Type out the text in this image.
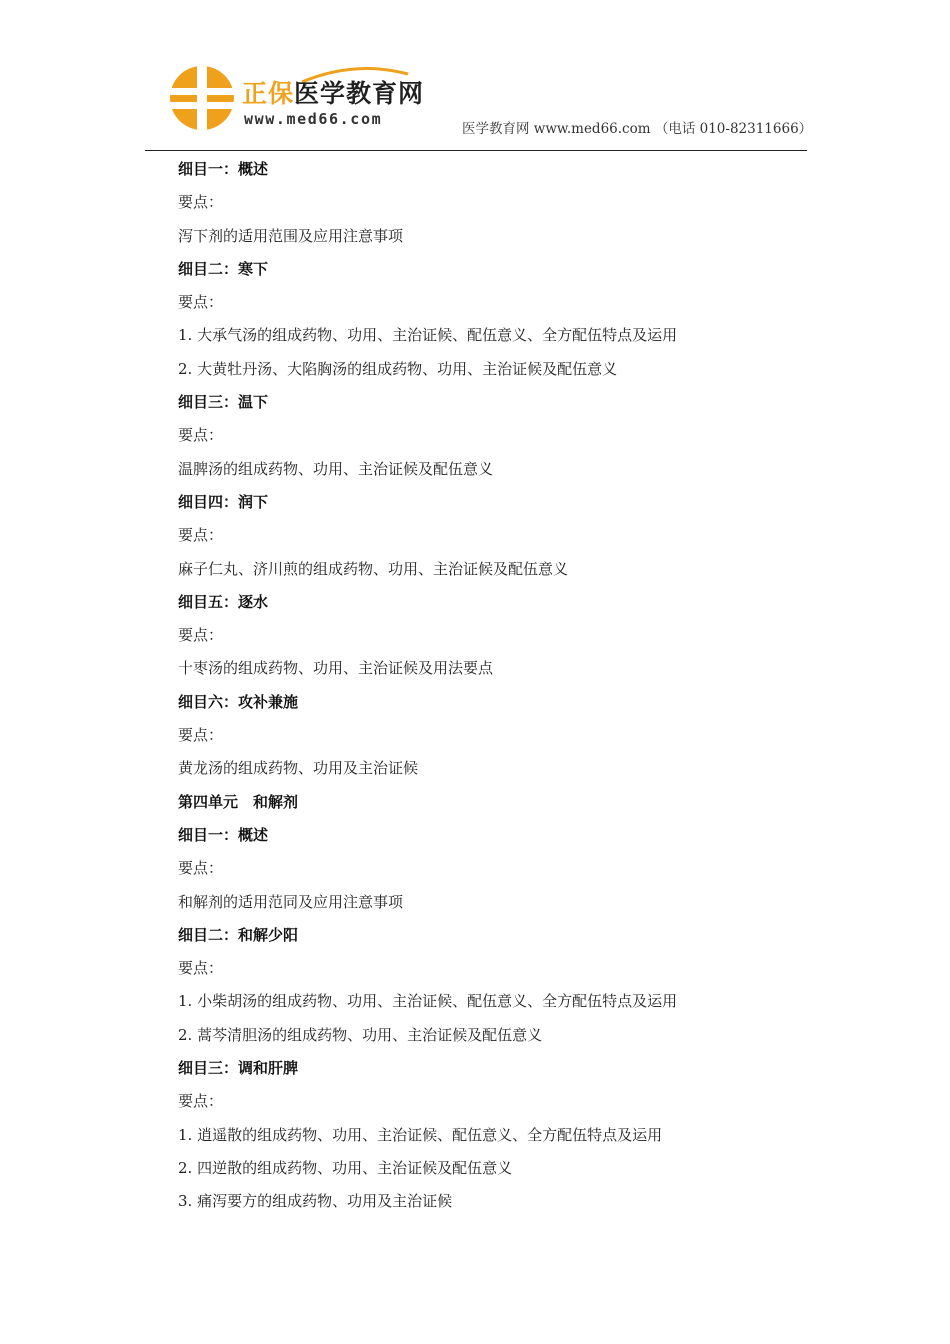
正保医学教育网
www.med66.com
医学教育网 www.med66.com （电话 010-82311666）
细目一：概述
要点：
泻下剂的适用范围及应用注意事项
细目二：寒下
要点：
1. 大承气汤的组成药物、功用、主治证候、配伍意义、全方配伍特点及运用
2. 大黄牡丹汤、大陷胸汤的组成药物、功用、主治证候及配伍意义
细目三：温下
要点：
温脾汤的组成药物、功用、主治证候及配伍意义
细目四：润下
要点：
麻子仁丸、济川煎的组成药物、功用、主治证候及配伍意义
细目五：逐水
要点：
十枣汤的组成药物、功用、主治证候及用法要点
细目六：攻补兼施
要点：
黄龙汤的组成药物、功用及主治证候
第四单元　和解剂
细目一：概述
要点：
和解剂的适用范同及应用注意事项
细目二：和解少阳
要点：
1. 小柴胡汤的组成药物、功用、主治证候、配伍意义、全方配伍特点及运用
2. 蒿芩清胆汤的组成药物、功用、主治证候及配伍意义
细目三：调和肝脾
要点：
1. 逍遥散的组成药物、功用、主治证候、配伍意义、全方配伍特点及运用
2. 四逆散的组成药物、功用、主治证候及配伍意义
3. 痛泻要方的组成药物、功用及主治证候
